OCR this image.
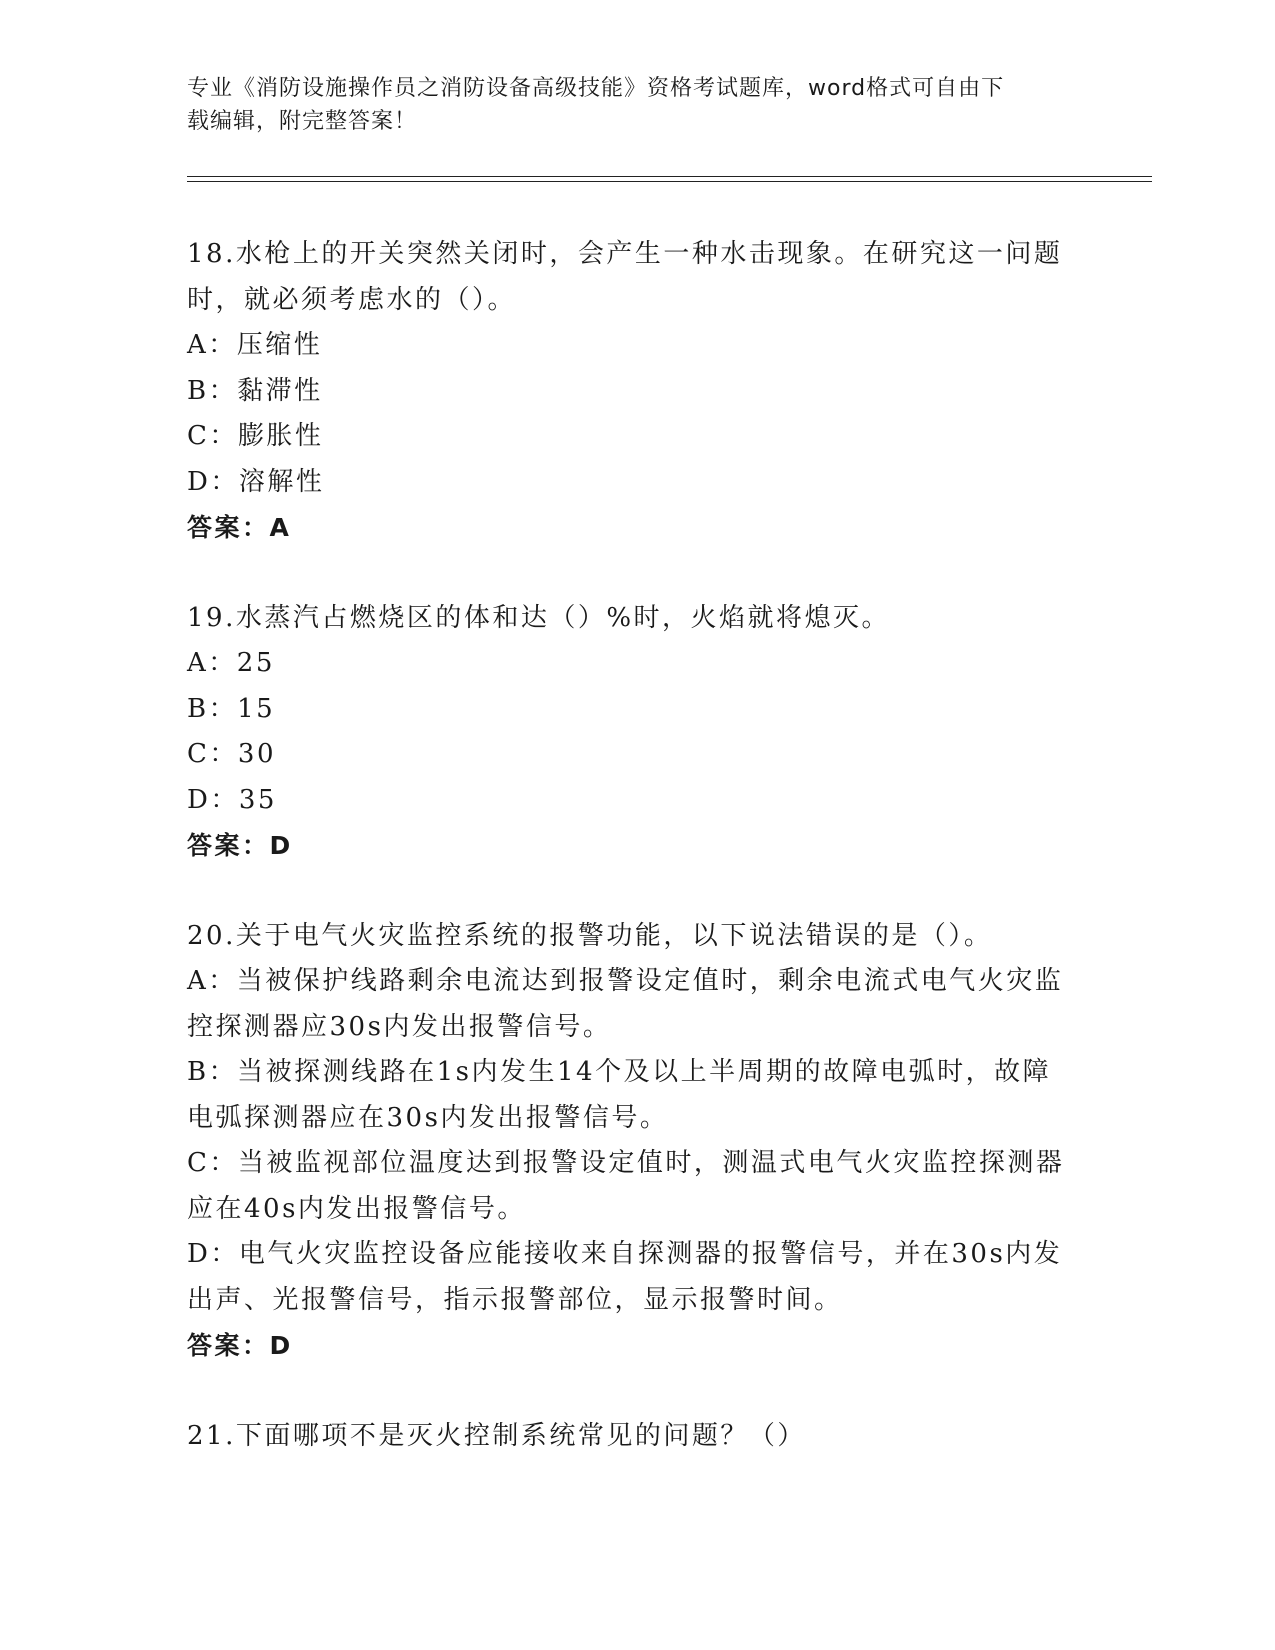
专业《消防设施操作员之消防设备高级技能》资格考试题库，word格式可自由下
载编辑，附完整答案！

18.水枪上的开关突然关闭时，会产生一种水击现象。在研究这一问题时，就必须考虑水的（）。

A：压缩性

B：黏滞性

C：膨胀性

D：溶解性

答案：A

19.水蒸汽占燃烧区的体和达（）%时，火焰就将熄灭。

A：25

B：15

C：30

D：35

答案：D

20.关于电气火灾监控系统的报警功能，以下说法错误的是（）。

A：当被保护线路剩余电流达到报警设定值时，剩余电流式电气火灾监控探测器应30s内发出报警信号。

B：当被探测线路在1s内发生14个及以上半周期的故障电弧时，故障电弧探测器应在30s内发出报警信号。

C：当被监视部位温度达到报警设定值时，测温式电气火灾监控探测器应在40s内发出报警信号。

D：电气火灾监控设备应能接收来自探测器的报警信号，并在30s内发出声、光报警信号，指示报警部位，显示报警时间。

答案：D

21.下面哪项不是灭火控制系统常见的问题？（）
